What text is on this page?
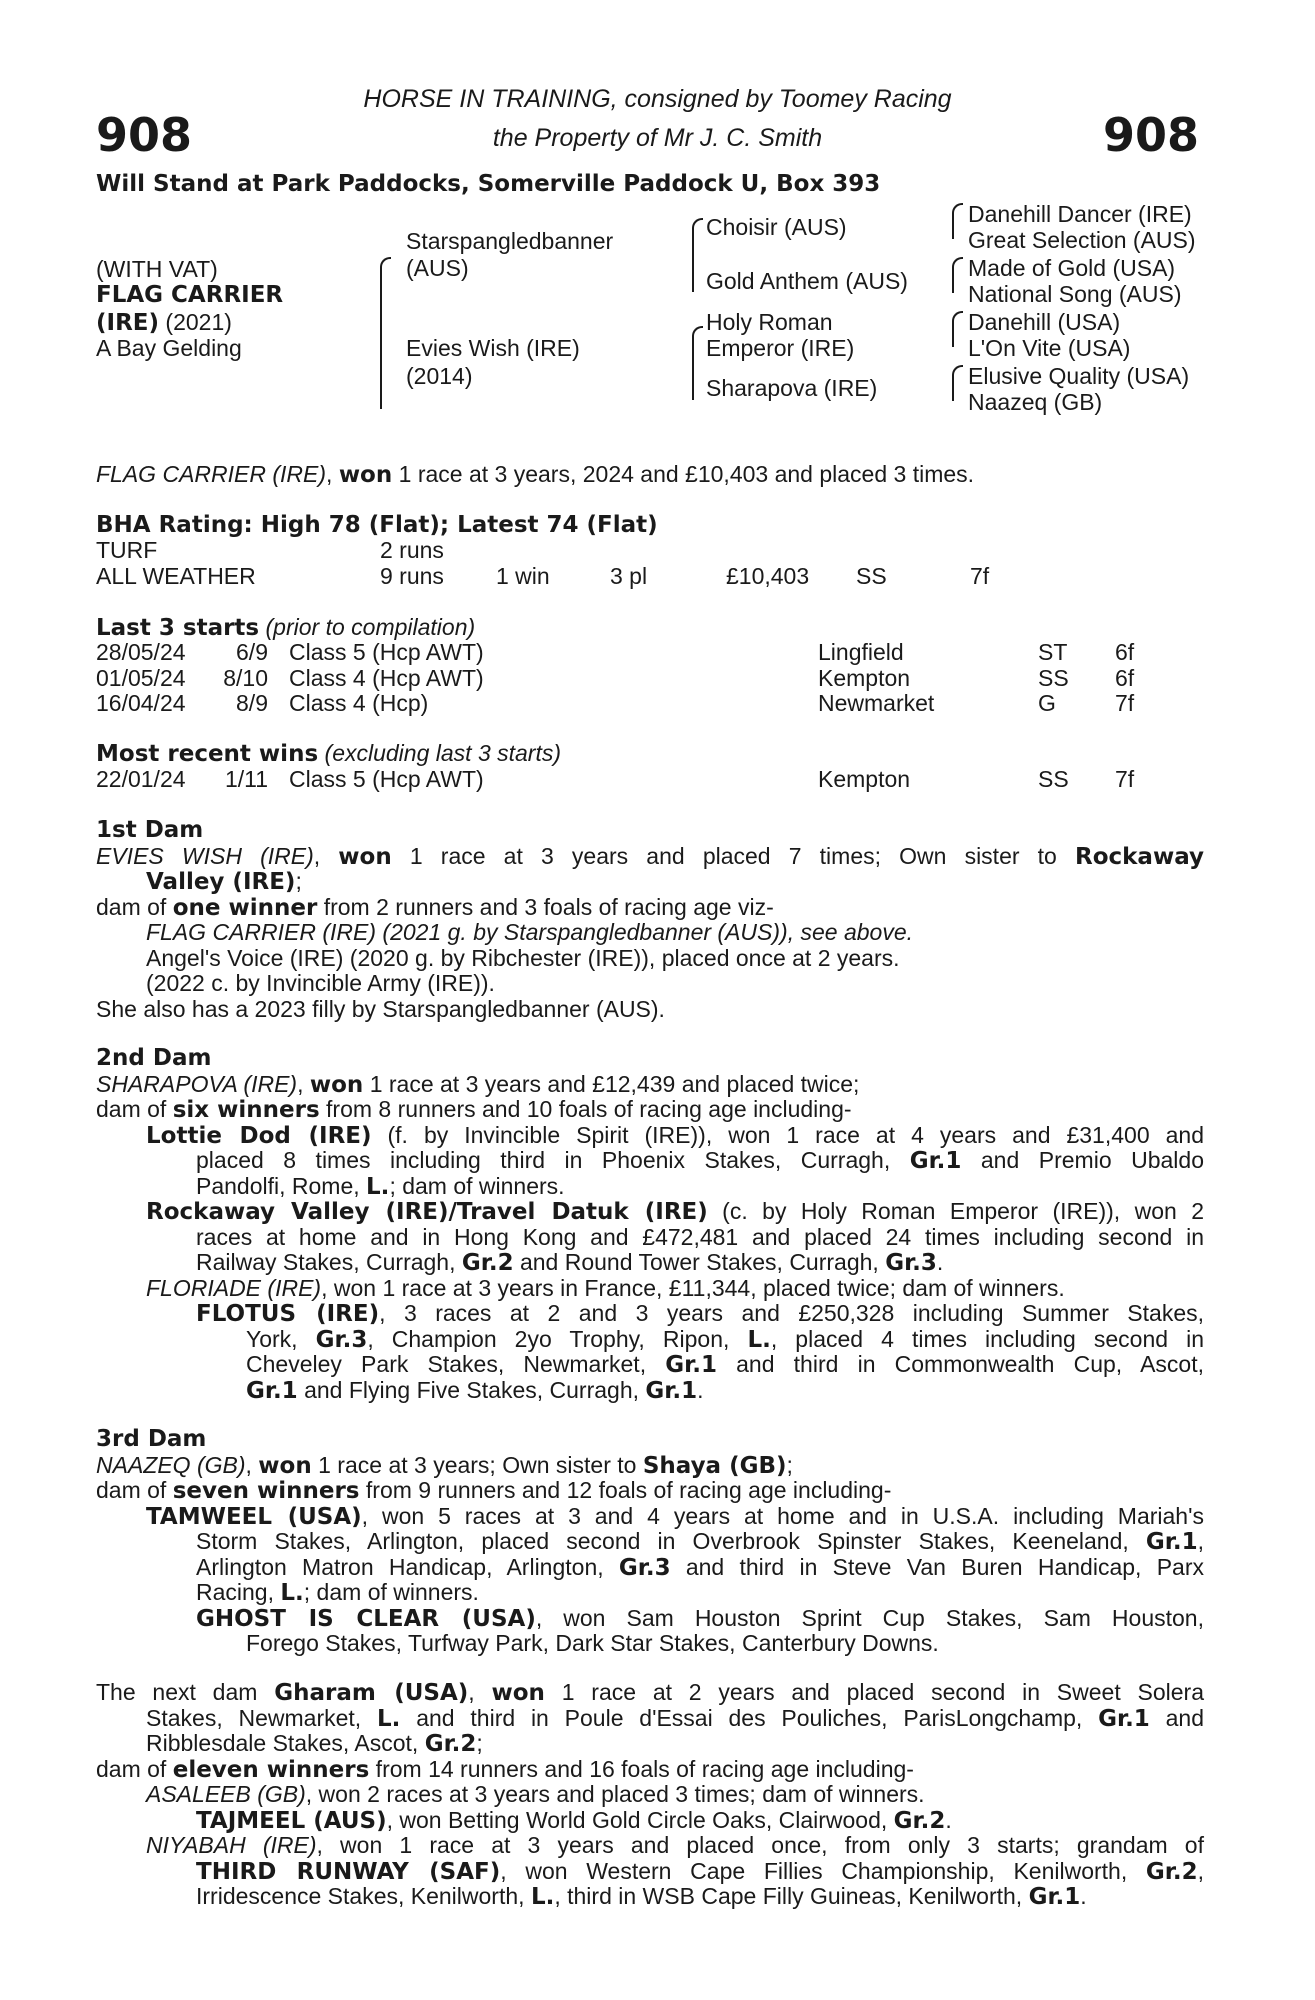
908	908
HORSE IN TRAINING, consigned by Toomey Racing
the Property of Mr J. C. Smith
Will Stand at Park Paddocks, Somerville Paddock U, Box 393
(WITH VAT)
FLAG CARRIER
(IRE) (2021)
A Bay Gelding
Starspangledbanner
(AUS)
Evies Wish (IRE)
(2014)
Choisir (AUS)
Gold Anthem (AUS)
Holy Roman
Emperor (IRE)
Sharapova (IRE)
Danehill Dancer (IRE)
Great Selection (AUS)
Made of Gold (USA)
National Song (AUS)
Danehill (USA)
L'On Vite (USA)
Elusive Quality (USA)
Naazeq (GB)
FLAG CARRIER (IRE), won 1 race at 3 years, 2024 and £10,403 and placed 3 times.
BHA Rating: High 78 (Flat); Latest 74 (Flat)
TURF	2 runs
ALL WEATHER	9 runs 1 win	3 pl	£10,403 SS	7f
Last 3 starts (prior to compilation)
28/05/24	6/9 Class 5 (Hcp AWT)	Lingfield	ST 6f
01/05/24	8/10 Class 4 (Hcp AWT)	Kempton	SS 6f
16/04/24	8/9 Class 4 (Hcp)	Newmarket	G	7f
Most recent wins (excluding last 3 starts)
22/01/24	1/11 Class 5 (Hcp AWT)	Kempton	SS 7f
1st Dam
EVIES WISH (IRE), won 1 race at 3 years and placed 7 times; Own sister to Rockaway
Valley (IRE);
dam of one winner from 2 runners and 3 foals of racing age viz-
FLAG CARRIER (IRE) (2021 g. by Starspangledbanner (AUS)), see above.
Angel's Voice (IRE) (2020 g. by Ribchester (IRE)), placed once at 2 years.
(2022 c. by Invincible Army (IRE)).
She also has a 2023 filly by Starspangledbanner (AUS).
2nd Dam
SHARAPOVA (IRE), won 1 race at 3 years and £12,439 and placed twice;
dam of six winners from 8 runners and 10 foals of racing age including-
Lottie Dod (IRE) (f. by Invincible Spirit (IRE)), won 1 race at 4 years and £31,400 and
placed 8 times including third in Phoenix Stakes, Curragh, Gr.1 and Premio Ubaldo
Pandolfi, Rome, L.; dam of winners.
Rockaway Valley (IRE)/Travel Datuk (IRE) (c. by Holy Roman Emperor (IRE)), won 2
races at home and in Hong Kong and £472,481 and placed 24 times including second in
Railway Stakes, Curragh, Gr.2 and Round Tower Stakes, Curragh, Gr.3.
FLORIADE (IRE), won 1 race at 3 years in France, £11,344, placed twice; dam of winners.
FLOTUS (IRE), 3 races at 2 and 3 years and £250,328 including Summer Stakes,
York, Gr.3, Champion 2yo Trophy, Ripon, L., placed 4 times including second in
Cheveley Park Stakes, Newmarket, Gr.1 and third in Commonwealth Cup, Ascot,
Gr.1 and Flying Five Stakes, Curragh, Gr.1.
3rd Dam
NAAZEQ (GB), won 1 race at 3 years; Own sister to Shaya (GB);
dam of seven winners from 9 runners and 12 foals of racing age including-
TAMWEEL (USA), won 5 races at 3 and 4 years at home and in U.S.A. including Mariah's
Storm Stakes, Arlington, placed second in Overbrook Spinster Stakes, Keeneland, Gr.1,
Arlington Matron Handicap, Arlington, Gr.3 and third in Steve Van Buren Handicap, Parx
Racing, L.; dam of winners.
GHOST IS CLEAR (USA), won Sam Houston Sprint Cup Stakes, Sam Houston,
Forego Stakes, Turfway Park, Dark Star Stakes, Canterbury Downs.
The next dam Gharam (USA), won 1 race at 2 years and placed second in Sweet Solera
Stakes, Newmarket, L. and third in Poule d'Essai des Pouliches, ParisLongchamp, Gr.1 and
Ribblesdale Stakes, Ascot, Gr.2;
dam of eleven winners from 14 runners and 16 foals of racing age including-
ASALEEB (GB), won 2 races at 3 years and placed 3 times; dam of winners.
TAJMEEL (AUS), won Betting World Gold Circle Oaks, Clairwood, Gr.2.
NIYABAH (IRE), won 1 race at 3 years and placed once, from only 3 starts; grandam of
THIRD RUNWAY (SAF), won Western Cape Fillies Championship, Kenilworth, Gr.2,
Irridescence Stakes, Kenilworth, L., third in WSB Cape Filly Guineas, Kenilworth, Gr.1.
